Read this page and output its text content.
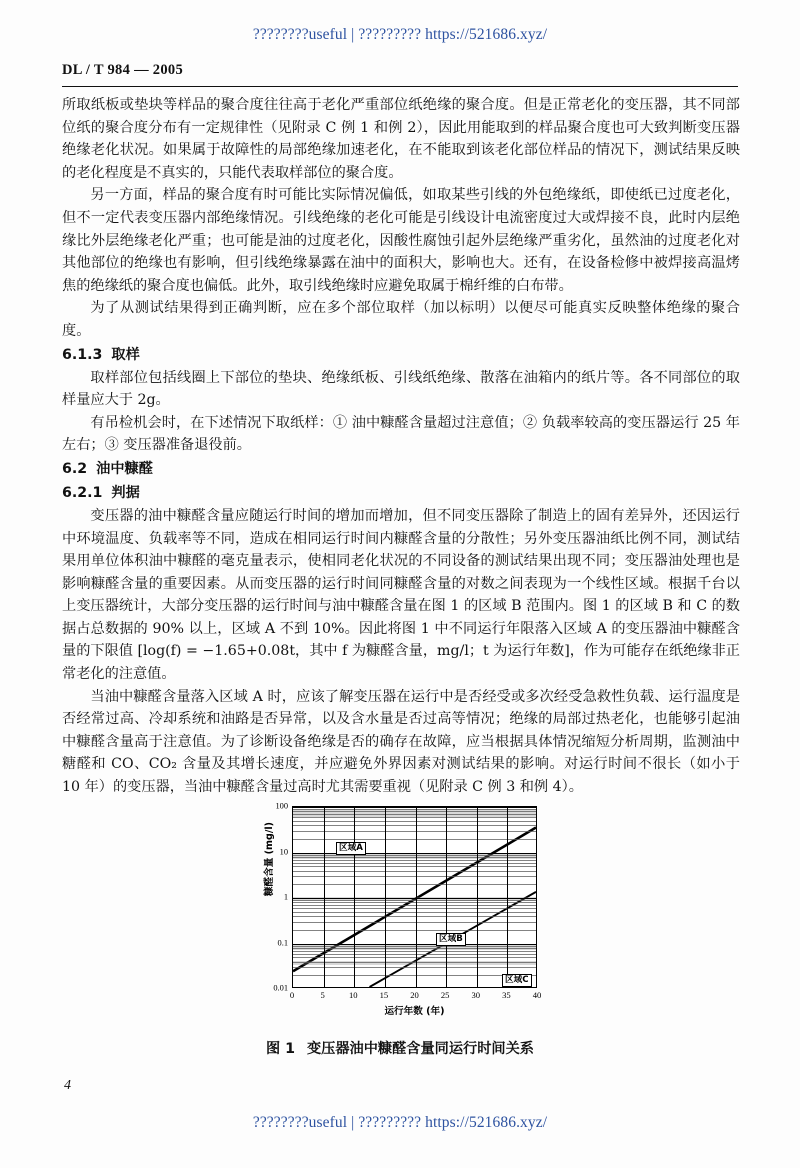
????????useful | ????????? https://521686.xyz/
DL / T 984 — 2005

所取纸板或垫块等样品的聚合度往往高于老化严重部位纸绝缘的聚合度。但是正常老化的变压器，其不同部位纸的聚合度分布有一定规律性（见附录 C 例 1 和例 2），因此用能取到的样品聚合度也可大致判断变压器绝缘老化状况。如果属于故障性的局部绝缘加速老化，在不能取到该老化部位样品的情况下，测试结果反映的老化程度是不真实的，只能代表取样部位的聚合度。

另一方面，样品的聚合度有时可能比实际情况偏低，如取某些引线的外包绝缘纸，即使纸已过度老化，但不一定代表变压器内部绝缘情况。引线绝缘的老化可能是引线设计电流密度过大或焊接不良，此时内层绝缘比外层绝缘老化严重；也可能是油的过度老化，因酸性腐蚀引起外层绝缘严重劣化，虽然油的过度老化对其他部位的绝缘也有影响，但引线绝缘暴露在油中的面积大，影响也大。还有，在设备检修中被焊接高温烤焦的绝缘纸的聚合度也偏低。此外，取引线绝缘时应避免取属于棉纤维的白布带。

为了从测试结果得到正确判断，应在多个部位取样（加以标明）以便尽可能真实反映整体绝缘的聚合度。

6.1.3 取样

取样部位包括线圈上下部位的垫块、绝缘纸板、引线纸绝缘、散落在油箱内的纸片等。各不同部位的取样量应大于 2g。

有吊检机会时，在下述情况下取纸样：① 油中糠醛含量超过注意值；② 负载率较高的变压器运行 25 年左右；③ 变压器准备退役前。

6.2 油中糠醛
6.2.1 判据

变压器的油中糠醛含量应随运行时间的增加而增加，但不同变压器除了制造上的固有差异外，还因运行中环境温度、负载率等不同，造成在相同运行时间内糠醛含量的分散性；另外变压器油纸比例不同，测试结果用单位体积油中糠醛的毫克量表示，使相同老化状况的不同设备的测试结果出现不同；变压器油处理也是影响糠醛含量的重要因素。从而变压器的运行时间同糠醛含量的对数之间表现为一个线性区域。根据千台以上变压器统计，大部分变压器的运行时间与油中糠醛含量在图 1 的区域 B 范围内。图 1 的区域 B 和 C 的数据占总数据的 90% 以上，区域 A 不到 10%。因此将图 1 中不同运行年限落入区域 A 的变压器油中糠醛含量的下限值 [log(f) = −1.65+0.08t，其中 f 为糠醛含量，mg/l；t 为运行年数]，作为可能存在纸绝缘非正常老化的注意值。

当油中糠醛含量落入区域 A 时，应该了解变压器在运行中是否经受或多次经受急救性负载、运行温度是否经常过高、冷却系统和油路是否异常，以及含水量是否过高等情况；绝缘的局部过热老化，也能够引起油中糠醛含量高于注意值。为了诊断设备绝缘是否的确存在故障，应当根据具体情况缩短分析周期，监测油中糖醛和 CO、CO₂ 含量及其增长速度，并应避免外界因素对测试结果的影响。对运行时间不很长（如小于 10 年）的变压器，当油中糠醛含量过高时尤其需要重视（见附录 C 例 3 和例 4）。

0.01
0.1
1
10
100
0	5	10	15	20	25	30	35	40
运行年数 (年)
糠醛含量 (mg/l)	区域A
区域B
区域C
图 1 变压器油中糠醛含量同运行时间关系
4
????????useful | ????????? https://521686.xyz/
